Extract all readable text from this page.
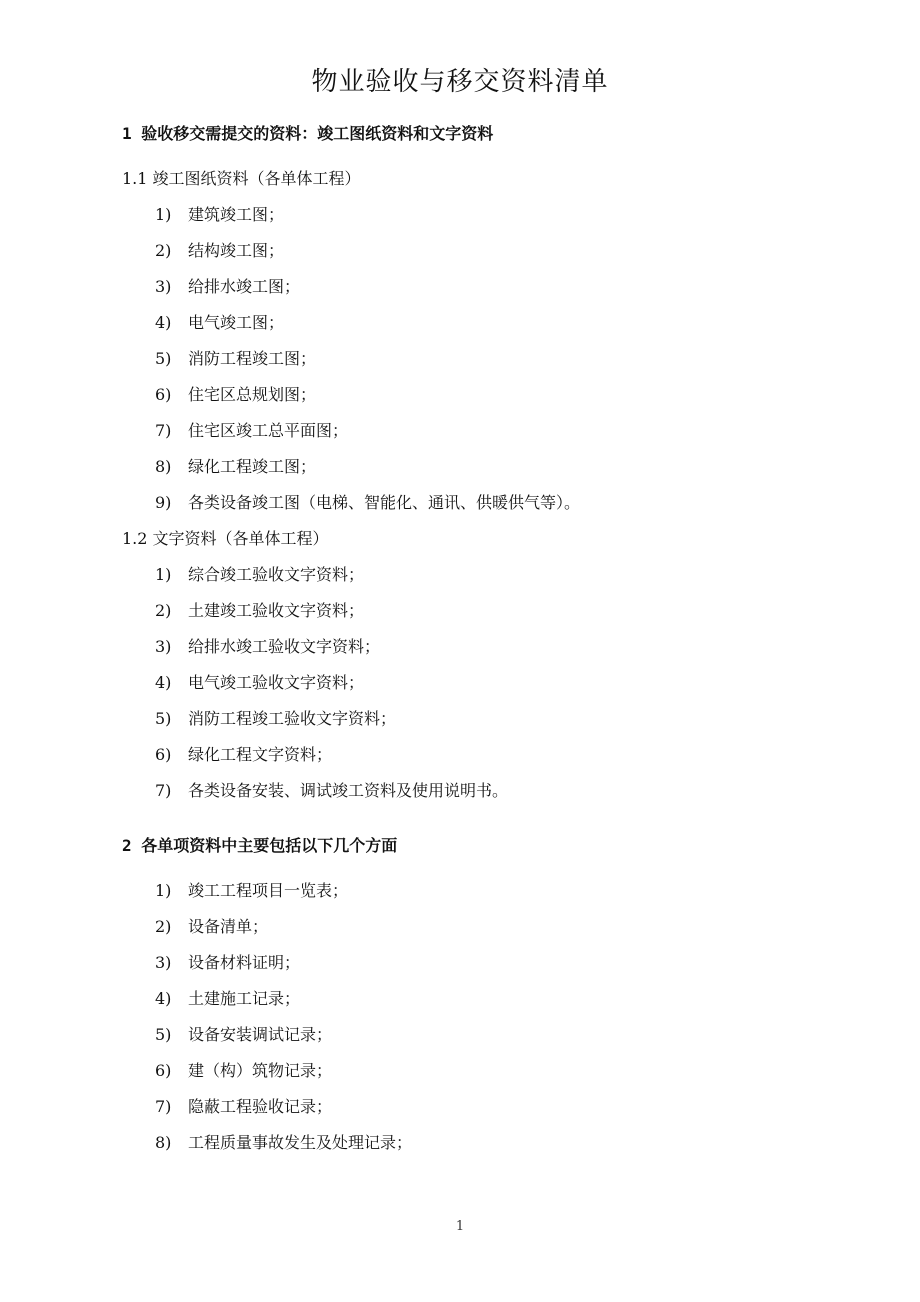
物业验收与移交资料清单
1 验收移交需提交的资料：竣工图纸资料和文字资料
1.1 竣工图纸资料（各单体工程）
1) 建筑竣工图；
2) 结构竣工图；
3) 给排水竣工图；
4) 电气竣工图；
5) 消防工程竣工图；
6) 住宅区总规划图；
7) 住宅区竣工总平面图；
8) 绿化工程竣工图；
9) 各类设备竣工图（电梯、智能化、通讯、供暖供气等）。
1.2 文字资料（各单体工程）
1) 综合竣工验收文字资料；
2) 土建竣工验收文字资料；
3) 给排水竣工验收文字资料；
4) 电气竣工验收文字资料；
5) 消防工程竣工验收文字资料；
6) 绿化工程文字资料；
7) 各类设备安装、调试竣工资料及使用说明书。
2 各单项资料中主要包括以下几个方面
1) 竣工工程项目一览表；
2) 设备清单；
3) 设备材料证明；
4) 土建施工记录；
5) 设备安装调试记录；
6) 建（构）筑物记录；
7) 隐蔽工程验收记录；
8) 工程质量事故发生及处理记录；
1
